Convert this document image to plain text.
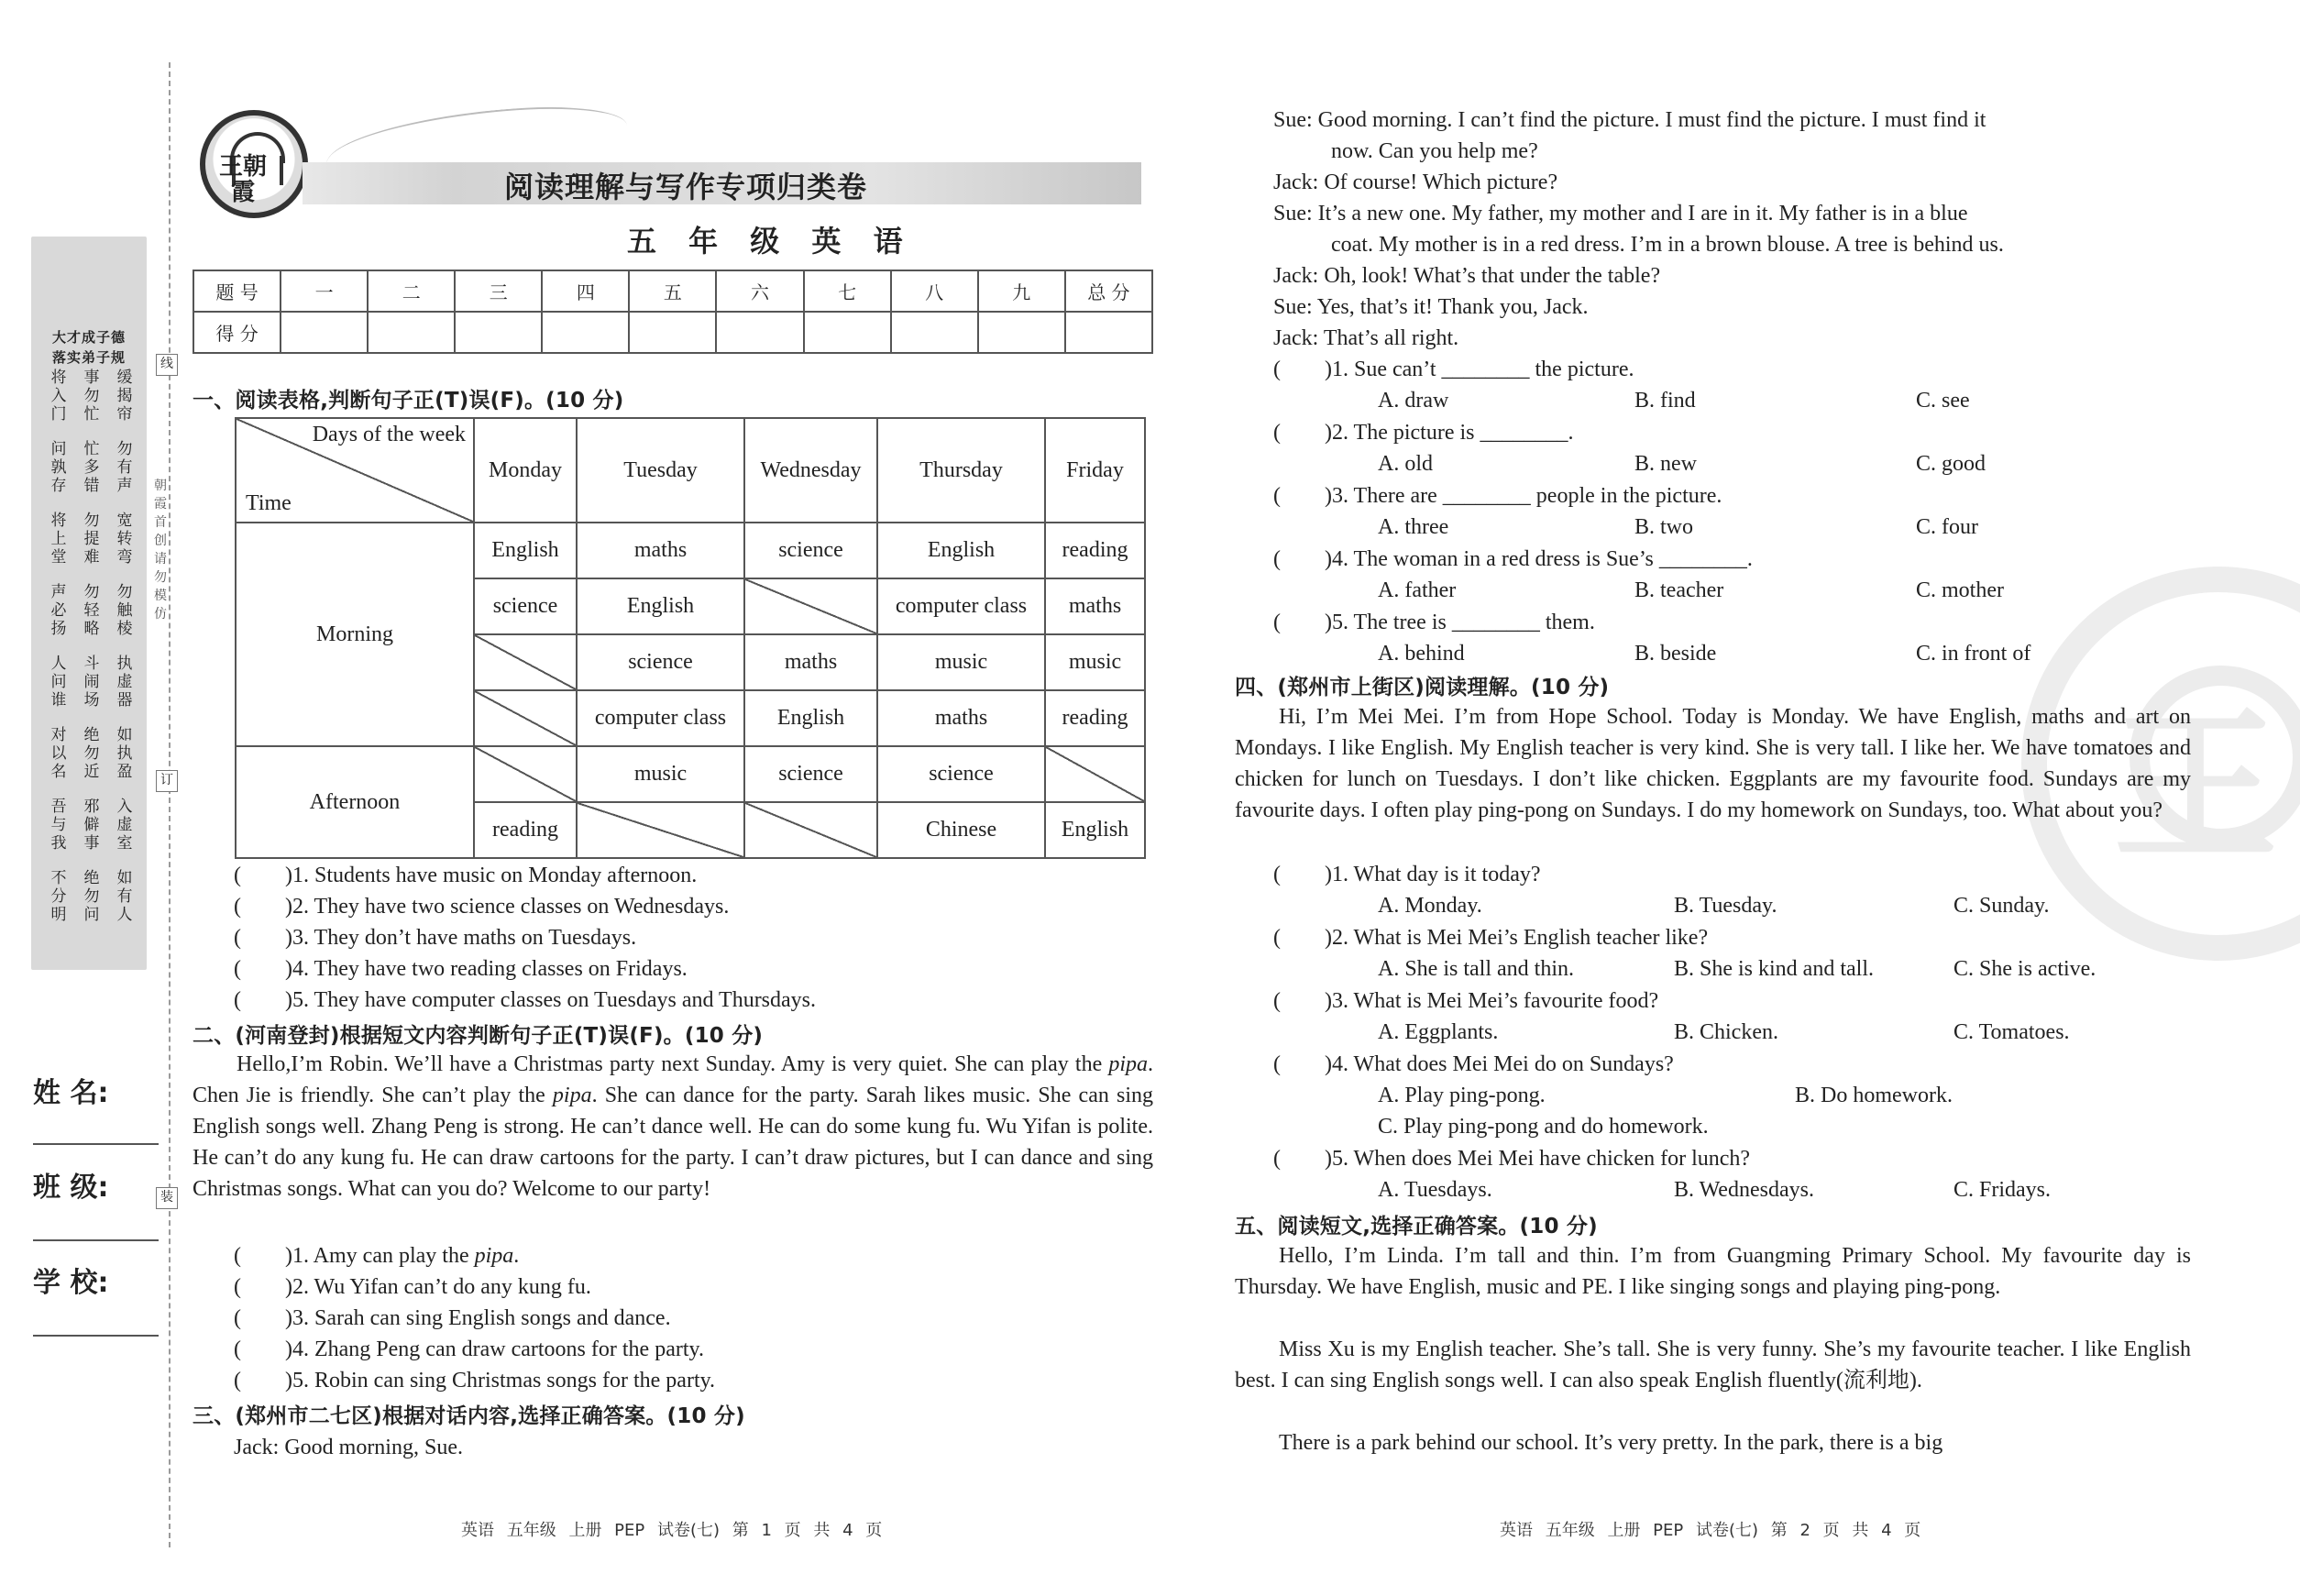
大才成子德
落实弟子规
将
入
门
事
勿
忙
缓
揭
帘
问
孰
存
忙
多
错
勿
有
声
将
上
堂
勿
提
难
宽
转
弯
声
必
扬
勿
轻
略
勿
触
棱
人
问
谁
斗
闹
场
执
虚
器
对
以
名
绝
勿
近
如
执
盈
吾
与
我
邪
僻
事
入
虚
室
不
分
明
绝
勿
问
如
有
人
姓 名:
班 级:
学 校:
线
订
装
朝霞首创请勿模仿
王朝霞	阅读理解与写作专项归类卷
五 年 级 英 语
题 号	一	二	三	四	五	六	七	八	九	总 分
得 分										
一、阅读表格,判断句子正(T)误(F)。(10 分)
Days of the week
Time	Monday	Tuesday	Wednesday	Thursday	Friday
Morning	English	maths	science	English	reading
	science	English		computer class	maths
		science	maths	music	music
		computer class	English	maths	reading
Afternoon		music	science	science	
	reading			Chinese	English
(        )1. Students have music on Monday afternoon.
(        )2. They have two science classes on Wednesdays.
(        )3. They don’t have maths on Tuesdays.
(        )4. They have two reading classes on Fridays.
(        )5. They have computer classes on Tuesdays and Thursdays.
二、(河南登封)根据短文内容判断句子正(T)误(F)。(10 分)
Hello,I’m Robin. We’ll have a Christmas party next Sunday. Amy is very quiet. She can play the pipa. Chen Jie is friendly. She can’t play the pipa. She can dance for the party. Sarah likes music. She can sing English songs well. Zhang Peng is strong. He can’t dance well. He can do some kung fu. Wu Yifan is polite. He can’t do any kung fu. He can draw cartoons for the party. I can’t draw pictures, but I can dance and sing Christmas songs. What can you do? Welcome to our party!
(        )1. Amy can play the pipa.
(        )2. Wu Yifan can’t do any kung fu.
(        )3. Sarah can sing English songs and dance.
(        )4. Zhang Peng can draw cartoons for the party.
(        )5. Robin can sing Christmas songs for the party.
三、(郑州市二七区)根据对话内容,选择正确答案。(10 分)
Jack: Good morning, Sue.
英语 五年级 上册 PEP 试卷(七) 第 1 页 共 4 页
王
Sue: Good morning. I can’t find the picture. I must find the picture. I must find it
now. Can you help me?
Jack: Of course! Which picture?
Sue: It’s a new one. My father, my mother and I are in it. My father is in a blue
coat. My mother is in a red dress. I’m in a brown blouse. A tree is behind us.
Jack: Oh, look! What’s that under the table?
Sue: Yes, that’s it! Thank you, Jack.
Jack: That’s all right.
(        )1. Sue can’t ________ the picture.
A. draw	B. find	C. see
(        )2. The picture is ________.
A. old	B. new	C. good
(        )3. There are ________ people in the picture.
A. three	B. two	C. four
(        )4. The woman in a red dress is Sue’s ________.
A. father	B. teacher	C. mother
(        )5. The tree is ________ them.
A. behind	B. beside	C. in front of
四、(郑州市上街区)阅读理解。(10 分)
Hi, I’m Mei Mei. I’m from Hope School. Today is Monday. We have English, maths and art on Mondays. I like English. My English teacher is very kind. She is very tall. I like her. We have tomatoes and chicken for lunch on Tuesdays. I don’t like chicken. Eggplants are my favourite food. Sundays are my favourite days. I often play ping-pong on Sundays. I do my homework on Sundays, too. What about you?
(        )1. What day is it today?
A. Monday.	B. Tuesday.	C. Sunday.
(        )2. What is Mei Mei’s English teacher like?
A. She is tall and thin.	B. She is kind and tall.	C. She is active.
(        )3. What is Mei Mei’s favourite food?
A. Eggplants.	B. Chicken.	C. Tomatoes.
(        )4. What does Mei Mei do on Sundays?
A. Play ping-pong.	B. Do homework.
C. Play ping-pong and do homework.
(        )5. When does Mei Mei have chicken for lunch?
A. Tuesdays.	B. Wednesdays.	C. Fridays.
五、阅读短文,选择正确答案。(10 分)
Hello, I’m Linda. I’m tall and thin. I’m from Guangming Primary School. My favourite day is Thursday. We have English, music and PE. I like singing songs and playing ping-pong.
Miss Xu is my English teacher. She’s tall. She is very funny. She’s my favourite teacher. I like English best. I can sing English songs well. I can also speak English fluently(流利地).
There is a park behind our school. It’s very pretty. In the park, there is a big
英语 五年级 上册 PEP 试卷(七) 第 2 页 共 4 页
